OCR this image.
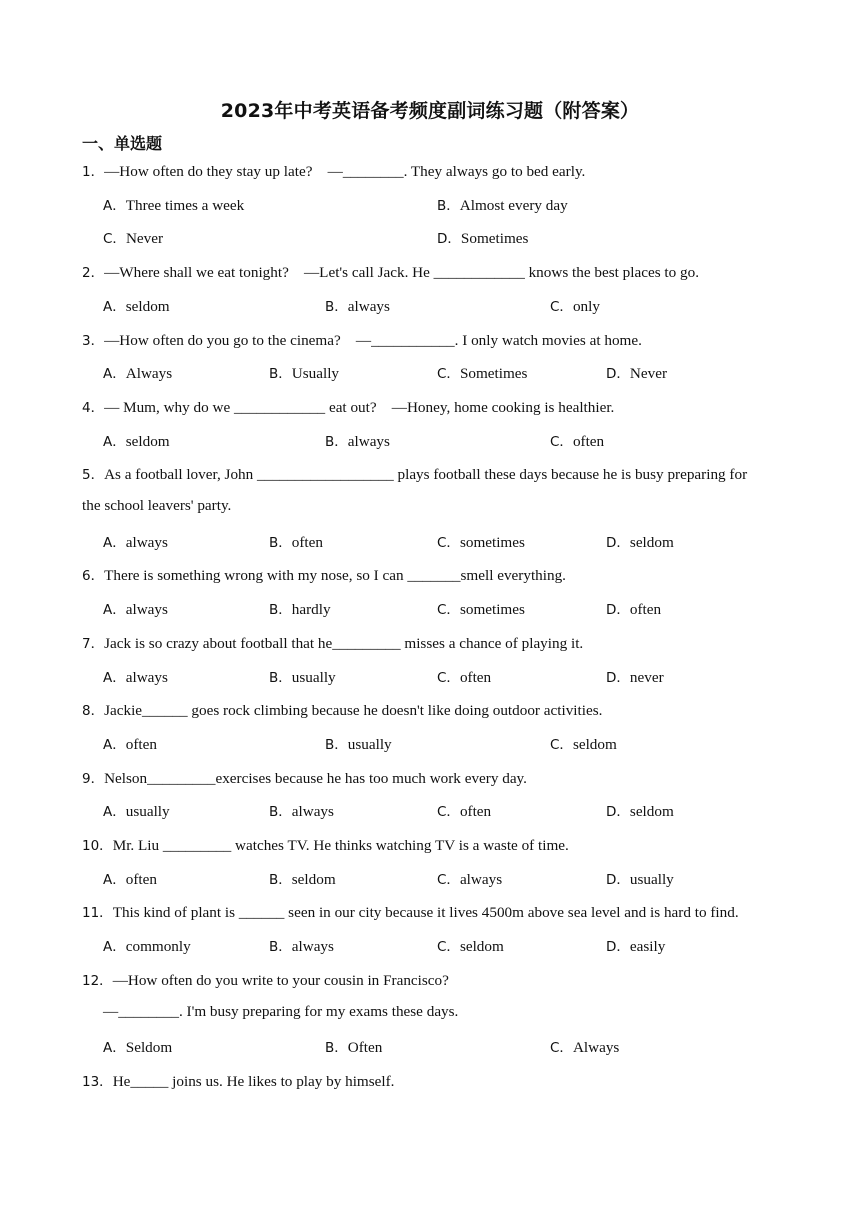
2023年中考英语备考频度副词练习题（附答案）
一、单选题
1．—How often do they stay up late?　—________. They always go to bed early.
A．Three times a week	B．Almost every day
C．Never	D．Sometimes
2．—Where shall we eat tonight?　—Let's call Jack. He ____________ knows the best places to go.
A．seldom	B．always	C．only
3．—How often do you go to the cinema?　—___________. I only watch movies at home.
A．Always	B．Usually	C．Sometimes	D．Never
4．— Mum, why do we ____________ eat out?　—Honey, home cooking is healthier.
A．seldom	B．always	C．often
5．As a football lover, John __________________ plays football these days because he is busy preparing for
the school leavers' party.
A．always	B．often	C．sometimes	D．seldom
6．There is something wrong with my nose, so I can _______smell everything.
A．always	B．hardly	C．sometimes	D．often
7．Jack is so crazy about football that he_________ misses a chance of playing it.
A．always	B．usually	C．often	D．never
8．Jackie______ goes rock climbing because he doesn't like doing outdoor activities.
A．often	B．usually	C．seldom
9．Nelson_________exercises because he has too much work every day.
A．usually	B．always	C．often	D．seldom
10．Mr. Liu _________ watches TV. He thinks watching TV is a waste of time.
A．often	B．seldom	C．always	D．usually
11．This kind of plant is ______ seen in our city because it lives 4500m above sea level and is hard to find.
A．commonly	B．always	C．seldom	D．easily
12．—How often do you write to your cousin in Francisco?
—________. I'm busy preparing for my exams these days.
A．Seldom	B．Often	C．Always
13．He_____ joins us. He likes to play by himself.
